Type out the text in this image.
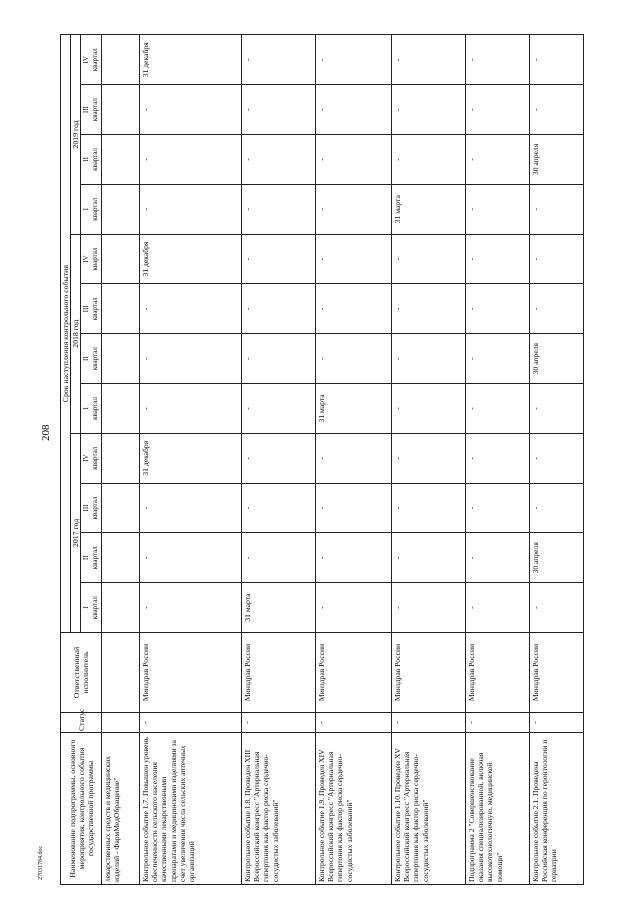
208
27031784.doc	Наименование подпрограммы, основного мероприятия, контрольного события государственной программы	Статус	Ответственный исполнитель	Срок наступления контрольного события											
			2017 год				2018 год				2019 год			

			I квартал	II квартал	III квартал	IV квартал	I квартал	II квартал	III квартал	IV квартал	I квартал	II квартал	III квартал	IV квартал

лекарственных средств и медицинских изделий - ФармМедОбращение"														
Контрольное событие 1.7. Повышен уровень обеспеченности сельского населения качественными лекарственными препаратами и медицинскими изделиями за счет увеличения числа сельских аптечных организаций	-	Минздрав России	-	-	-	31 декабря	-	-	-	31 декабря	-	-	-	31 декабря
Контрольное событие 1.8. Проведен XIII Всероссийский конгресс "Артериальная гипертония как фактор риска сердечно-сосудистых заболеваний"	-	Минздрав России	31 марта	-	-	-	-	-	-	-	-	-	-	-
Контрольное событие 1.9. Проведен XIV Всероссийский конгресс "Артериальная гипертония как фактор риска сердечно-сосудистых заболеваний"	-	Минздрав России	-	-	-	-	31 марта	-	-	-	-	-	-	-
Контрольное событие 1.10. Проведен XV Всероссийский конгресс "Артериальная гипертония как фактор риска сердечно-сосудистых заболеваний"	-	Минздрав России	-	-	-	-	-	-	-	-	31 марта	-	-	-
Подпрограмма 2 "Совершенствование оказания специализированной, включая высокотехнологичную, медицинской помощи"	-	Минздрав России	-	-	-	-	-	-	-	-	-	-	-	-
Контрольное событие 2.1. Проведена Российская конференция по геронтологии и гериатрии	-	Минздрав России	-	30 апреля	-	-	-	30 апреля	-	-	-	30 апреля	-	-
